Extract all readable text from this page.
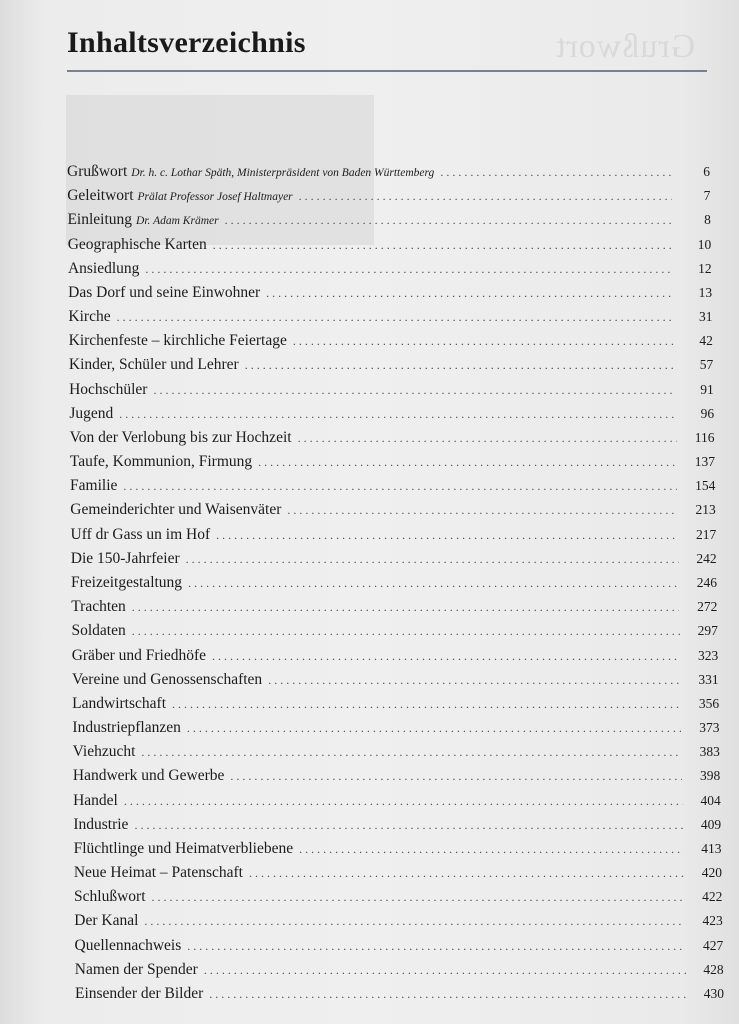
Grußwort
Inhaltsverzeichnis
Grußwort Dr. h. c. Lothar Späth, Ministerpräsident von Baden Württemberg . . .	6
Geleitwort Prälat Professor Josef Haltmayer . . .	7
Einleitung Dr. Adam Krämer . . .	8
Geographische Karten . . .	10
Ansiedlung . . .	12
Das Dorf und seine Einwohner . . .	13
Kirche . . .	31
Kirchenfeste – kirchliche Feiertage . . .	42
Kinder, Schüler und Lehrer . . .	57
Hochschüler . . .	91
Jugend . . .	96
Von der Verlobung bis zur Hochzeit . . .	116
Taufe, Kommunion, Firmung . . .	137
Familie . . .	154
Gemeinderichter und Waisenväter . . .	213
Uff dr Gass un im Hof . . .	217
Die 150-Jahrfeier . . .	242
Freizeitgestaltung . . .	246
Trachten . . .	272
Soldaten . . .	297
Gräber und Friedhöfe . . .	323
Vereine und Genossenschaften . . .	331
Landwirtschaft . . .	356
Industriepflanzen . . .	373
Viehzucht . . .	383
Handwerk und Gewerbe . . .	398
Handel . . .	404
Industrie . . .	409
Flüchtlinge und Heimatverbliebene . . .	413
Neue Heimat – Patenschaft . . .	420
Schlußwort . . .	422
Der Kanal . . .	423
Quellennachweis . . .	427
Namen der Spender . . .	428
Einsender der Bilder . . .	430
